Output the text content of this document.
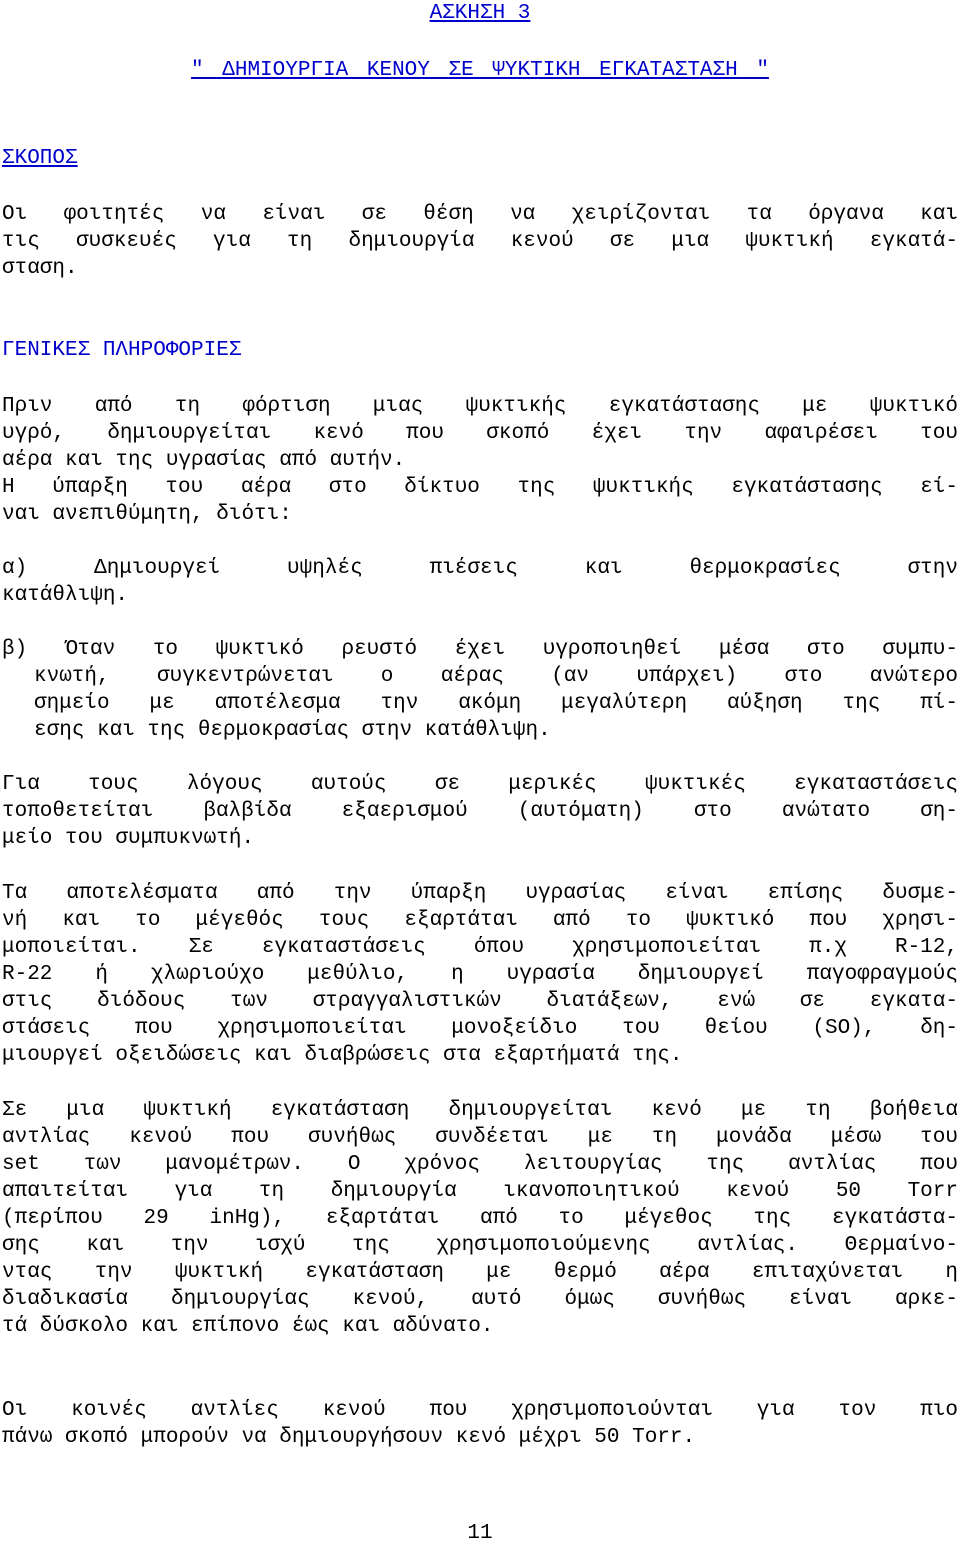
ΑΣΚΗΣΗ 3
" ΔΗΜΙΟΥΡΓΙΑ ΚΕΝΟΥ ΣΕ ΨΥΚΤΙΚΗ ΕΓΚΑΤΑΣΤΑΣΗ "
ΣΚΟΠΟΣ
Οι φοιτητές να είναι σε θέση να χειρίζονται τα όργανα και
τις συσκευές για τη δημιουργία κενού σε μια ψυκτική εγκατά-
σταση.
ΓΕΝΙΚΕΣ ΠΛΗΡΟΦΟΡΙΕΣ
Πριν από τη φόρτιση μιας ψυκτικής εγκατάστασης με ψυκτικό
υγρό, δημιουργείται κενό που σκοπό έχει την αφαιρέσει του
αέρα και της υγρασίας από αυτήν.
Η ύπαρξη του αέρα στο δίκτυο της ψυκτικής εγκατάστασης εί-
ναι ανεπιθύμητη, διότι:
α) Δημιουργεί υψηλές πιέσεις και θερμοκρασίες στην
κατάθλιψη.
β) Όταν το ψυκτικό ρευστό έχει υγροποιηθεί μέσα στο συμπυ-
κνωτή, συγκεντρώνεται ο αέρας (αν υπάρχει) στο ανώτερο
σημείο με αποτέλεσμα την ακόμη μεγαλύτερη αύξηση της πί-
εσης και της θερμοκρασίας στην κατάθλιψη.
Για τους λόγους αυτούς σε μερικές ψυκτικές εγκαταστάσεις
τοποθετείται βαλβίδα εξαερισμού (αυτόματη) στο ανώτατο ση-
μείο του συμπυκνωτή.
Τα αποτελέσματα από την ύπαρξη υγρασίας είναι επίσης δυσμε-
νή και το μέγεθός τους εξαρτάται από το ψυκτικό που χρησι-
μοποιείται. Σε εγκαταστάσεις όπου χρησιμοποιείται π.χ R-12,
R-22 ή χλωριούχο μεθύλιο, η υγρασία δημιουργεί παγοφραγμούς
στις διόδους των στραγγαλιστικών διατάξεων, ενώ σε εγκατα-
στάσεις που χρησιμοποιείται μονοξείδιο του θείου (SO), δη-
μιουργεί οξειδώσεις και διαβρώσεις στα εξαρτήματά της.
Σε μια ψυκτική εγκατάσταση δημιουργείται κενό με τη βοήθεια
αντλίας κενού που συνήθως συνδέεται με τη μονάδα μέσω του
set των μανομέτρων. Ο χρόνος λειτουργίας της αντλίας που
απαιτείται για τη δημιουργία ικανοποιητικού κενού 50 Torr
(περίπου 29 inHg), εξαρτάται από το μέγεθος της εγκατάστα-
σης και την ισχύ της χρησιμοποιούμενης αντλίας. Θερμαίνο-
ντας την ψυκτική εγκατάσταση με θερμό αέρα επιταχύνεται η
διαδικασία δημιουργίας κενού, αυτό όμως συνήθως είναι αρκε-
τά δύσκολο και επίπονο έως και αδύνατο.
Οι κοινές αντλίες κενού που χρησιμοποιούνται για τον πιο
πάνω σκοπό μπορούν να δημιουργήσουν κενό μέχρι 50 Torr.
11
